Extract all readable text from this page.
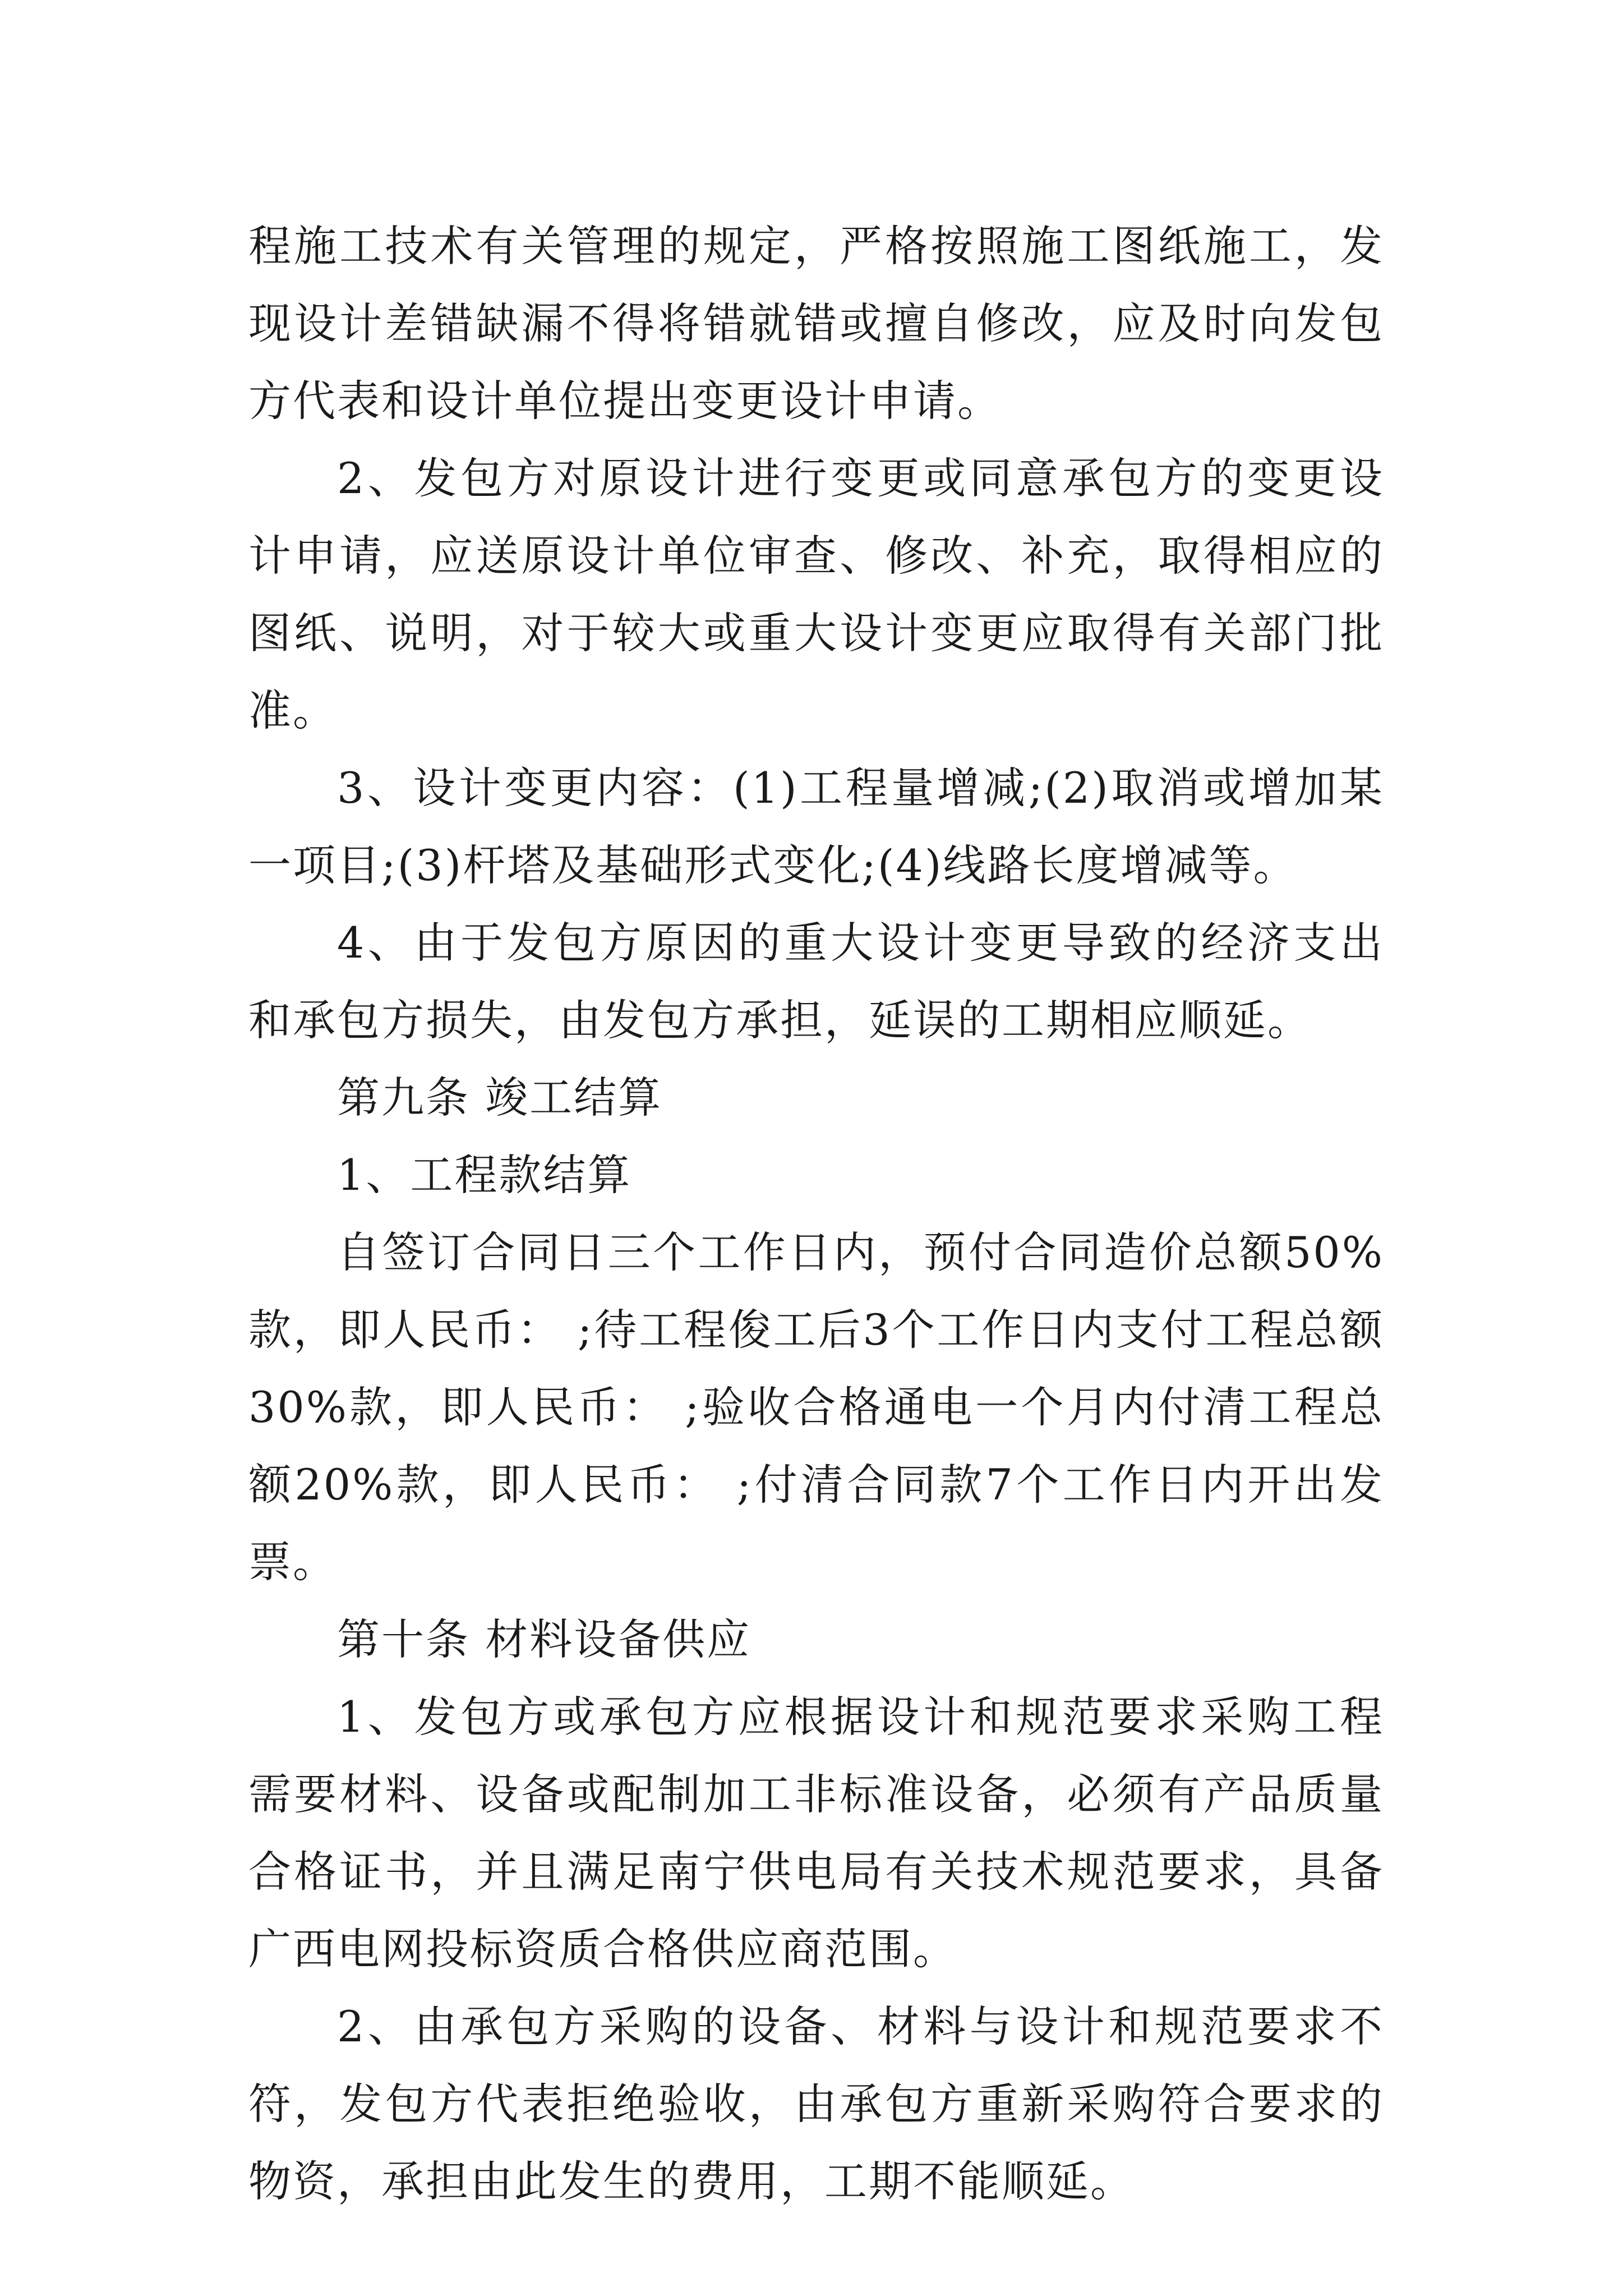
程施工技术有关管理的规定，严格按照施工图纸施工，发现设计差错缺漏不得将错就错或擅自修改，应及时向发包方代表和设计单位提出变更设计申请。

2、发包方对原设计进行变更或同意承包方的变更设计申请，应送原设计单位审查、修改、补充，取得相应的图纸、说明，对于较大或重大设计变更应取得有关部门批准。

3、设计变更内容：(1)工程量增减;(2)取消或增加某一项目;(3)杆塔及基础形式变化;(4)线路长度增减等。

4、由于发包方原因的重大设计变更导致的经济支出和承包方损失，由发包方承担，延误的工期相应顺延。

第九条 竣工结算

1、工程款结算

自签订合同日三个工作日内，预付合同造价总额50%款，即人民币： ;待工程俊工后3个工作日内支付工程总额30%款，即人民币： ;验收合格通电一个月内付清工程总额20%款，即人民币： ;付清合同款7个工作日内开出发票。

第十条 材料设备供应

1、发包方或承包方应根据设计和规范要求采购工程需要材料、设备或配制加工非标准设备，必须有产品质量合格证书，并且满足南宁供电局有关技术规范要求，具备广西电网投标资质合格供应商范围。

2、由承包方采购的设备、材料与设计和规范要求不符，发包方代表拒绝验收，由承包方重新采购符合要求的物资，承担由此发生的费用，工期不能顺延。
